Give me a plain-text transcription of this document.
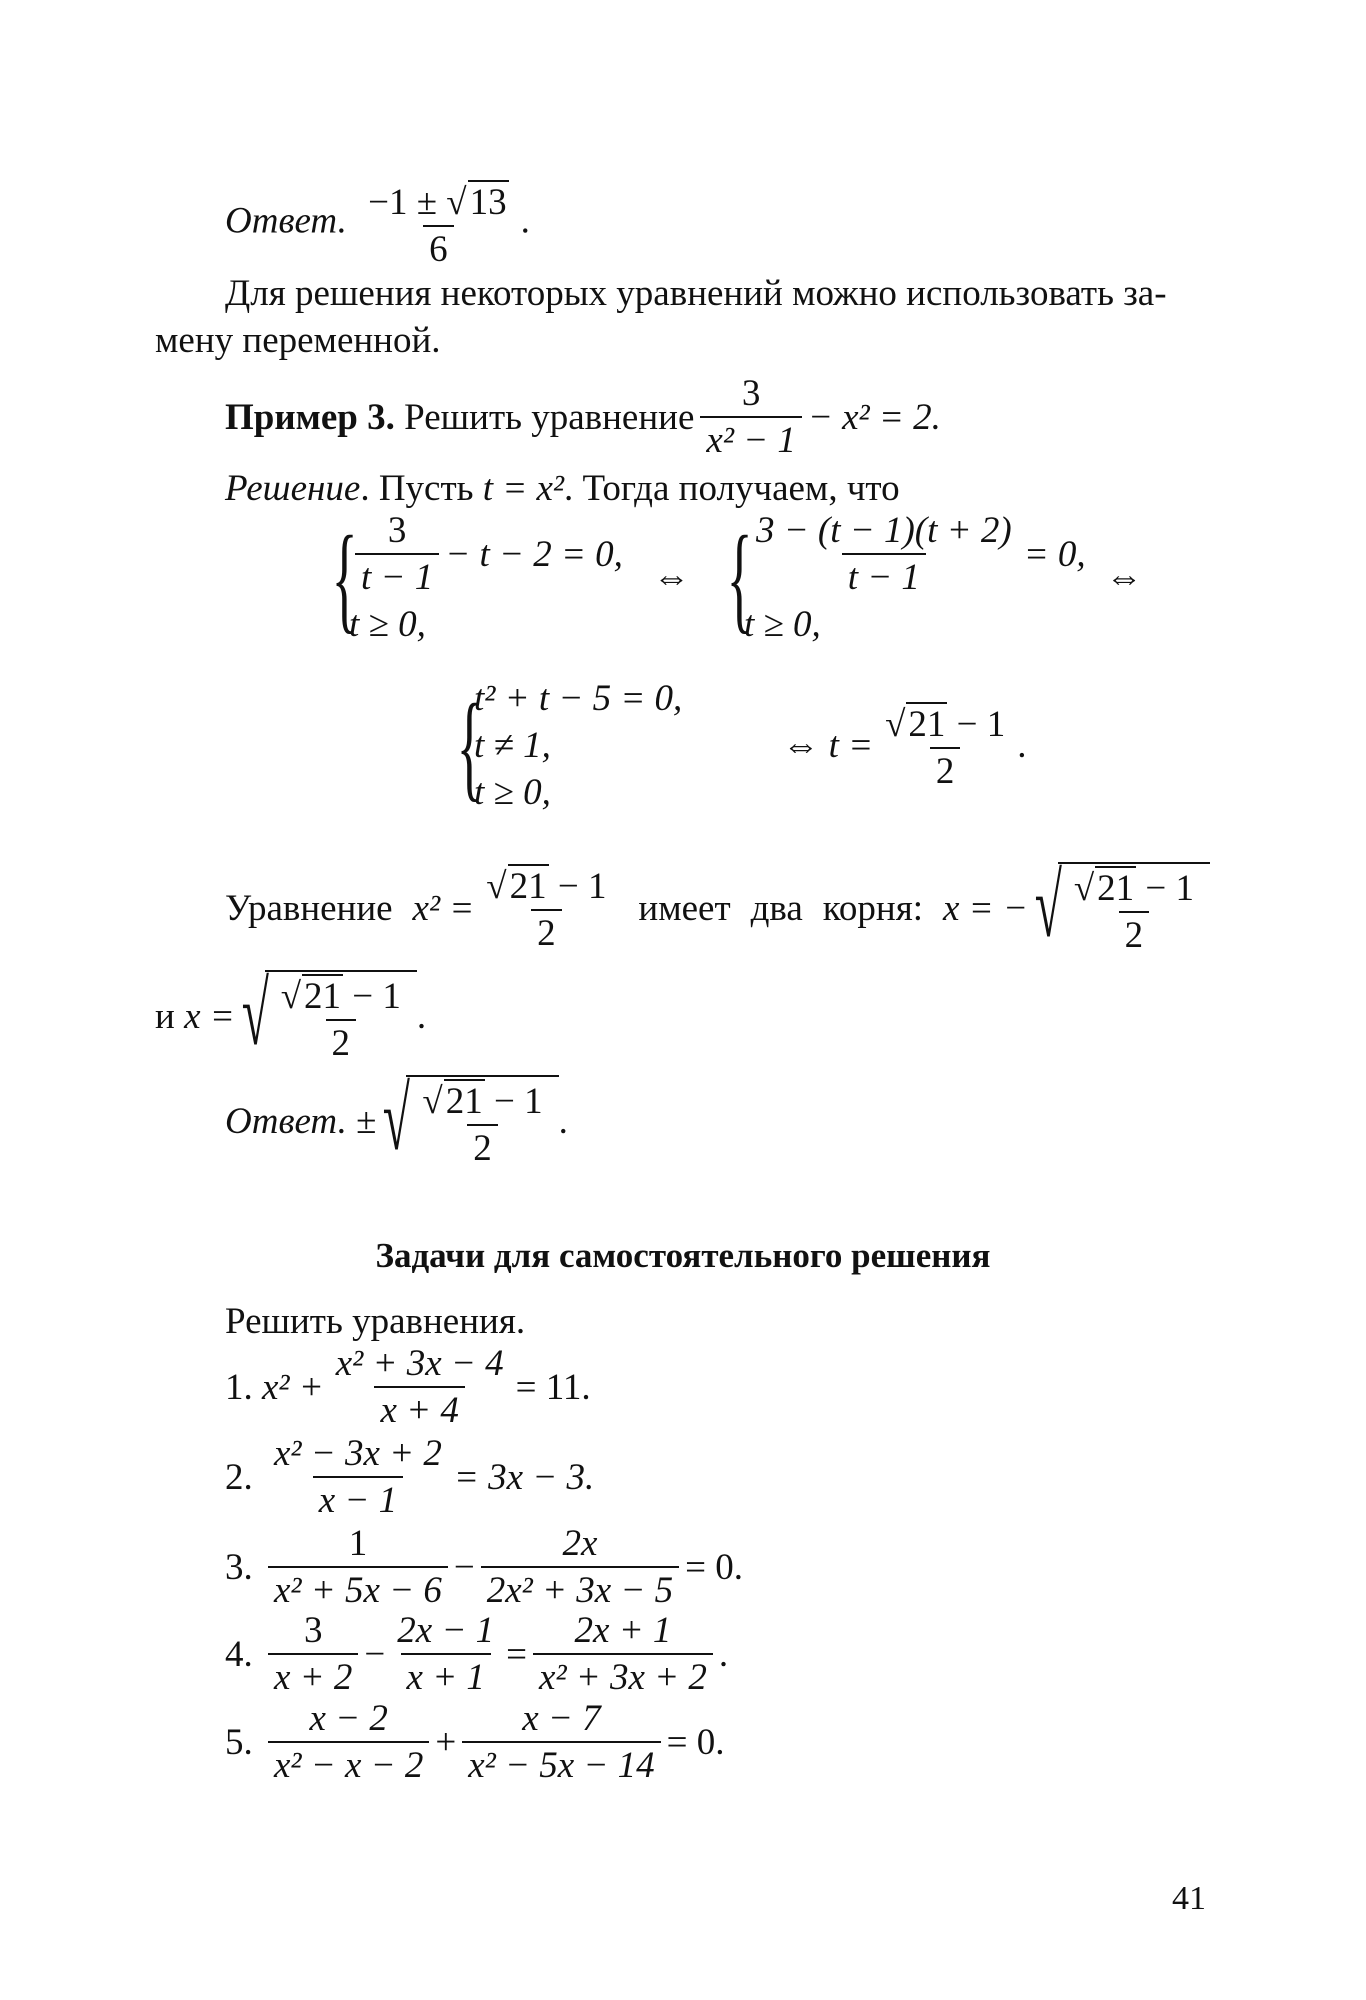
Ответ. $\frac{-1 \pm √13}{6}$ .
Для решения некоторых уравнений можно использовать за-
мену переменной.
Пример 3.
Решить уравнение $\frac{3}{\text{x² − 1}} - x^2 = 2$.
Решение. Пусть t = x². Тогда получаем, что
{
$\frac{3}{t - 1} - t - 2 = 0$,
t ≥ 0,
⇔ {
$\frac{3 - (t - 1)(t + 2)}{t - 1} = 0$,
t ≥ 0,
⇔
{
t² + t − 5 = 0,
t ≠ 1,
t ≥ 0,
⇔ $t = \frac{√21 - 1}{2}$ .
Уравнение $x^2 = \frac{√21 - 1}{2}$ имеет два корня: x = − √ $\frac{√21 - 1}{2}$
и
x = √ $\frac{√21 - 1}{2}$ .
Ответ.
± √ $\frac{√21 - 1}{2}$ .
Задачи для самостоятельного решения
Решить уравнения.
1.
$x^2 + \frac{\text{x² + 3x − 4}}{x + 4} = 11$.
2.
$\frac{\text{x² − 3x + 2}}{x - 1} = 3x - 3$.
3.
$\frac{1}{\text{x² + 5x − 6}} - \frac{2x}{\text{2x² + 3x − 5}} = 0$.
4.
$\frac{3}{x + 2} - \frac{2x - 1}{x + 1} = \frac{2x + 1}{\text{x² + 3x + 2}}$ .
5.
$\frac{x - 2}{\text{x² − x − 2}} + \frac{x - 7}{\text{x² − 5x − 14}} = 0$.
41
